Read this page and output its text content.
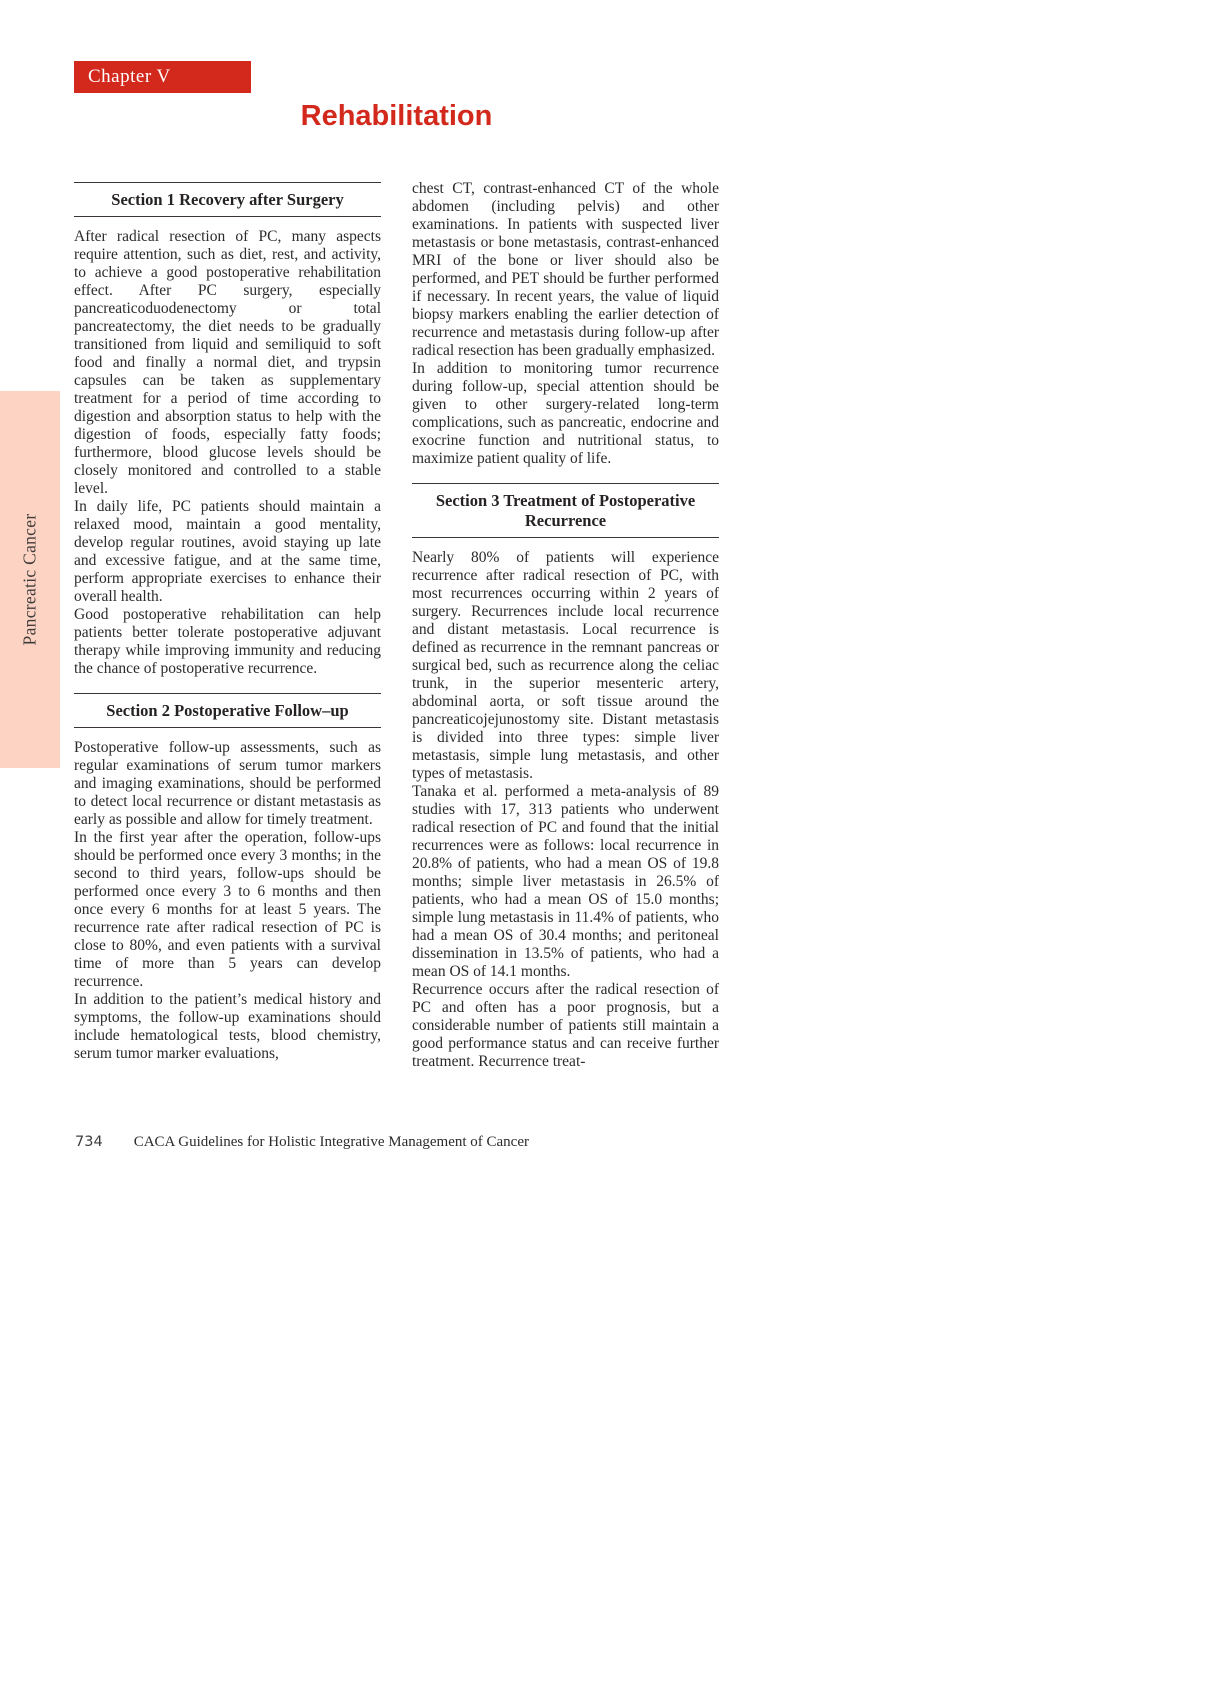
Chapter V
Rehabilitation
Pancreatic Cancer
Section 1 Recovery after Surgery

After radical resection of PC, many aspects require attention, such as diet, rest, and activity, to achieve a good postoperative rehabilitation effect. After PC surgery, especially pancreaticoduodenectomy or total pancreatectomy, the diet needs to be gradually transitioned from liquid and semiliquid to soft food and finally a normal diet, and trypsin capsules can be taken as supplementary treatment for a period of time according to digestion and absorption status to help with the digestion of foods, especially fatty foods; furthermore, blood glucose levels should be closely monitored and controlled to a stable level.

In daily life, PC patients should maintain a relaxed mood, maintain a good mentality, develop regular routines, avoid staying up late and excessive fatigue, and at the same time, perform appropriate exercises to enhance their overall health.

Good postoperative rehabilitation can help patients better tolerate postoperative adjuvant therapy while improving immunity and reducing the chance of postoperative recurrence.

Section 2 Postoperative Follow–up

Postoperative follow-up assessments, such as regular examinations of serum tumor markers and imaging examinations, should be performed to detect local recurrence or distant metastasis as early as possible and allow for timely treatment.

In the first year after the operation, follow-ups should be performed once every 3 months; in the second to third years, follow-ups should be performed once every 3 to 6 months and then once every 6 months for at least 5 years. The recurrence rate after radical resection of PC is close to 80%, and even patients with a survival time of more than 5 years can develop recurrence.

In addition to the patient’s medical history and symptoms, the follow-up examinations should include hematological tests, blood chemistry, serum tumor marker evaluations,

chest CT, contrast-enhanced CT of the whole abdomen (including pelvis) and other examinations. In patients with suspected liver metastasis or bone metastasis, contrast-enhanced MRI of the bone or liver should also be performed, and PET should be further performed if necessary. In recent years, the value of liquid biopsy markers enabling the earlier detection of recurrence and metastasis during follow-up after radical resection has been gradually emphasized.

In addition to monitoring tumor recurrence during follow-up, special attention should be given to other surgery-related long-term complications, such as pancreatic, endocrine and exocrine function and nutritional status, to maximize patient quality of life.

Section 3 Treatment of Postoperative Recurrence

Nearly 80% of patients will experience recurrence after radical resection of PC, with most recurrences occurring within 2 years of surgery. Recurrences include local recurrence and distant metastasis. Local recurrence is defined as recurrence in the remnant pancreas or surgical bed, such as recurrence along the celiac trunk, in the superior mesenteric artery, abdominal aorta, or soft tissue around the pancreaticojejunostomy site. Distant metastasis is divided into three types: simple liver metastasis, simple lung metastasis, and other types of metastasis.

Tanaka et al. performed a meta-analysis of 89 studies with 17, 313 patients who underwent radical resection of PC and found that the initial recurrences were as follows: local recurrence in 20.8% of patients, who had a mean OS of 19.8 months; simple liver metastasis in 26.5% of patients, who had a mean OS of 15.0 months; simple lung metastasis in 11.4% of patients, who had a mean OS of 30.4 months; and peritoneal dissemination in 13.5% of patients, who had a mean OS of 14.1 months.

Recurrence occurs after the radical resection of PC and often has a poor prognosis, but a considerable number of patients still maintain a good performance status and can receive further treatment. Recurrence treat-

734 CACA Guidelines for Holistic Integrative Management of Cancer
